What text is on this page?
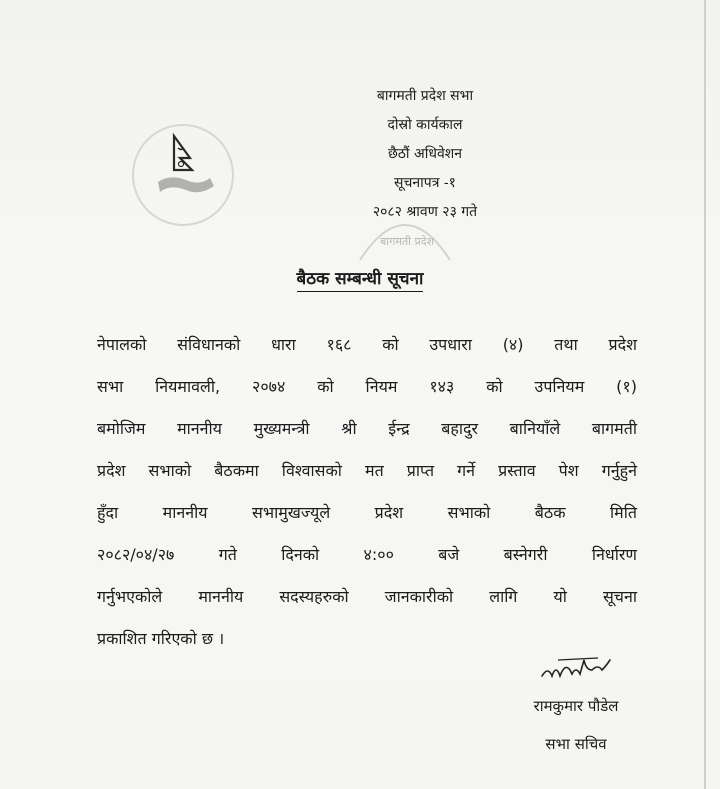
बागमती प्रदेश
बागमती प्रदेश सभा
दोस्रो कार्यकाल
छैठौं अधिवेशन
सूचनापत्र -१
२०८२ श्रावण २३ गते
बैठक सम्बन्धी सूचना
नेपालको संविधानको धारा १६८ को उपधारा (४) तथा प्रदेश
सभा नियमावली, २०७४ को नियम १४३ को उपनियम (१)
बमोजिम माननीय मुख्यमन्त्री श्री ईन्द्र बहादुर बानियाँले बागमती
प्रदेश सभाको बैठकमा विश्वासको मत प्राप्त गर्ने प्रस्ताव पेश गर्नुहुने
हुँदा माननीय सभामुखज्यूले प्रदेश सभाको बैठक मिति
२०८२/०४/२७ गते दिनको ४:०० बजे बस्नेगरी निर्धारण
गर्नुभएकोले माननीय सदस्यहरुको जानकारीको लागि यो सूचना
प्रकाशित गरिएको छ ।
रामकुमार पौडेल
सभा सचिव
